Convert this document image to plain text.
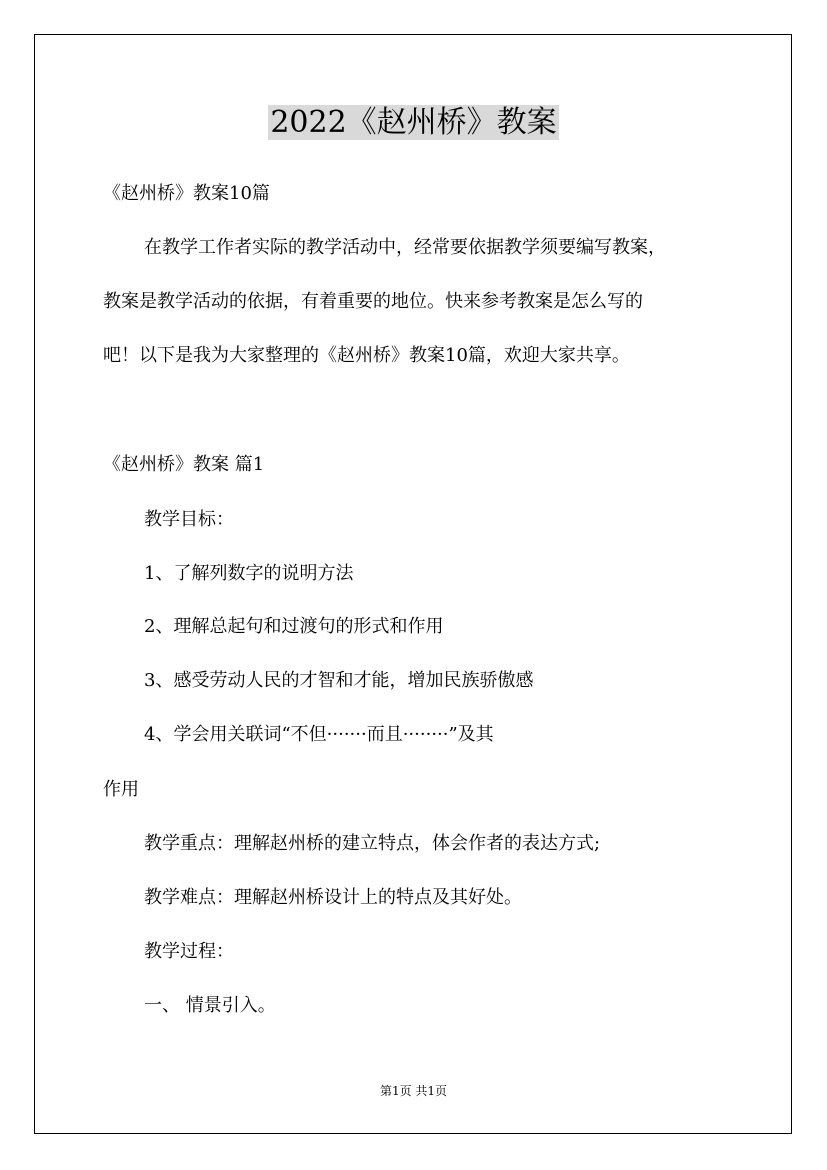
2022《赵州桥》教案
《赵州桥》教案10篇
在教学工作者实际的教学活动中，经常要依据教学须要编写教案，
教案是教学活动的依据，有着重要的地位。快来参考教案是怎么写的
吧！以下是我为大家整理的《赵州桥》教案10篇，欢迎大家共享。
《赵州桥》教案 篇1
教学目标：
1、了解列数字的说明方法
2、理解总起句和过渡句的形式和作用
3、感受劳动人民的才智和才能，增加民族骄傲感
4、学会用关联词“不但·······而且········”及其
作用
教学重点：理解赵州桥的建立特点，体会作者的表达方式;
教学难点：理解赵州桥设计上的特点及其好处。
教学过程：
一、 情景引入。
第1页 共1页
